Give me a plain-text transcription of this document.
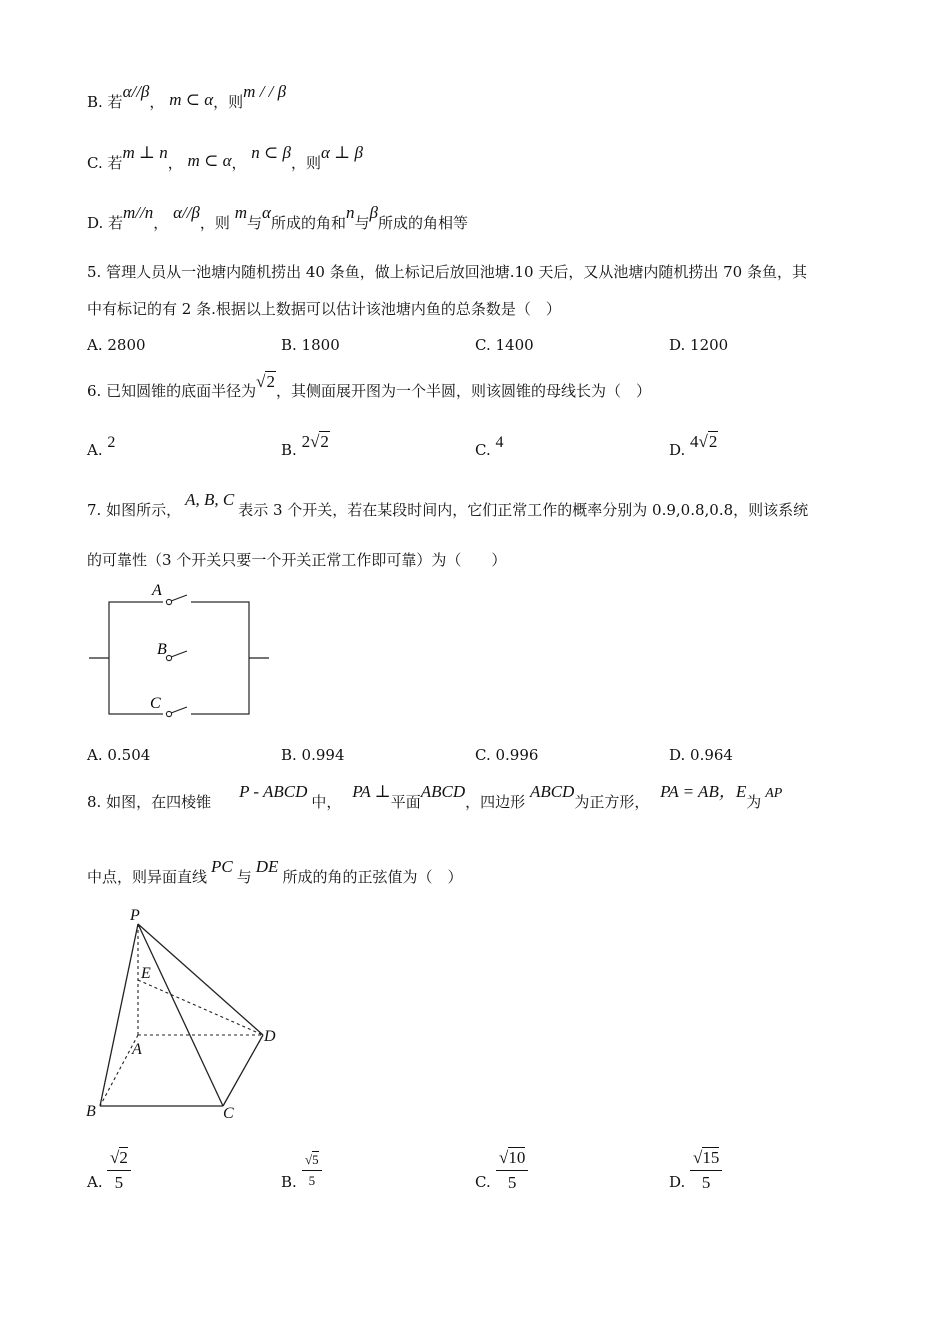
B. 若α//β， m ⊂ α，则m / / β
C. 若m ⊥ n， m ⊂ α， n ⊂ β，则α ⊥ β
D. 若m//n， α//β，则 m与α所成的角和n与β所成的角相等
5. 管理人员从一池塘内随机捞出 40 条鱼，做上标记后放回池塘.10 天后，又从池塘内随机捞出 70 条鱼，其
中有标记的有 2 条.根据以上数据可以估计该池塘内鱼的总条数是（　）
A. 2800	B. 1800	C. 1400	D. 1200
6. 已知圆锥的底面半径为√2，其侧面展开图为一个半圆，则该圆锥的母线长为（　）
A. 2	B. 2√2	C. 4	D. 4√2
7. 如图所示，A, B, C表示 3 个开关，若在某段时间内，它们正常工作的概率分别为 0.9,0.8,0.8，则该系统
的可靠性（3 个开关只要一个开关正常工作即可靠）为（　　）
A
B
C
A. 0.504	B. 0.994	C. 0.996	D. 0.964
8. 如图，在四棱锥P - ABCD中， PA ⊥平面ABCD，四边形 ABCD为正方形， PA = AB，E为 AP
中点，则异面直线PC与DE所成的角的正弦值为（　）
P
E
A
D
B	C
A. $\frac{√2}{5}$	B. $\frac{√5}{5}$	C. $\frac{√10}{5}$	D. $\frac{√15}{5}$
